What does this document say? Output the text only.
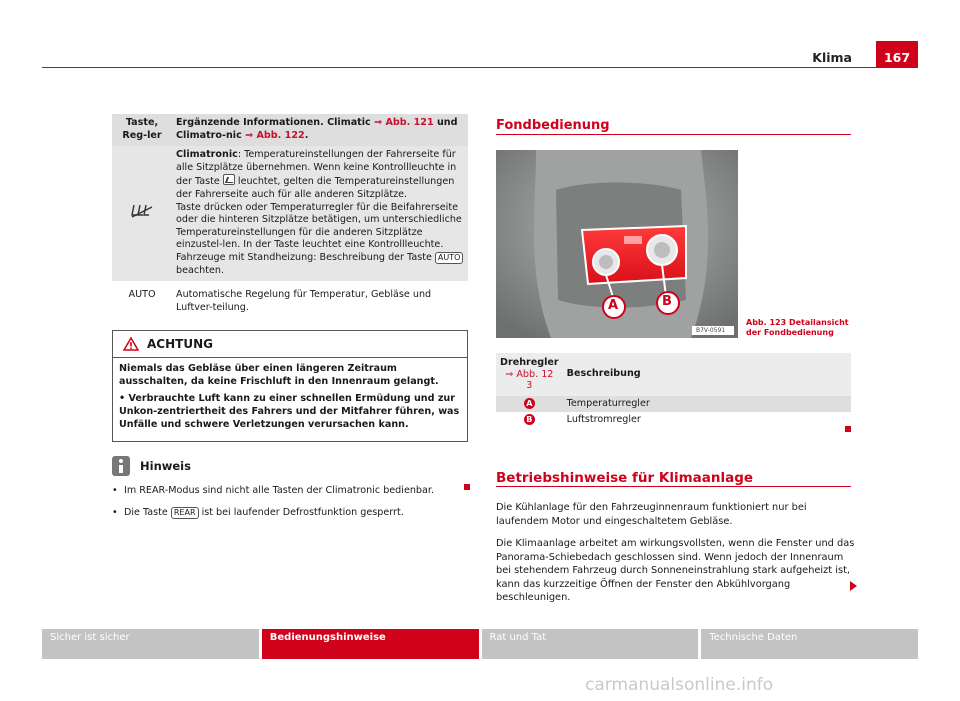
Klima	167
Taste, Reg-ler	Ergänzende Informationen. Climatic ⇒ Abb. 121 und Climatro-nic ⇒ Abb. 122.
	Climatronic: Temperatureinstellungen der Fahrerseite für alle Sitzplätze übernehmen. Wenn keine Kontrollleuchte in der Taste  leuchtet, gelten die Temperatureinstellungen der Fahrerseite auch für alle anderen Sitzplätze.
Taste drücken oder Temperaturregler für die Beifahrerseite oder die hinteren Sitzplätze betätigen, um unterschiedliche Temperatureinstellungen für die anderen Sitzplätze einzustel-len. In der Taste leuchtet eine Kontrollleuchte.
Fahrzeuge mit Standheizung: Beschreibung der Taste AUTO
beachten.
AUTO	Automatische Regelung für Temperatur, Gebläse und Luftver-teilung.
ACHTUNG

Niemals das Gebläse über einen längeren Zeitraum ausschalten, da keine Frischluft in den Innenraum gelangt.

• Verbrauchte Luft kann zu einer schnellen Ermüdung und zur Unkon-zentriertheit des Fahrers und der Mitfahrer führen, was Unfälle und schwere Verletzungen verursachen kann.

Hinweis
• Im REAR-Modus sind nicht alle Tasten der Climatronic bedienbar.
• Die Taste REAR ist bei laufender Defrostfunktion gesperrt.
Fondbedienung
A	B
B7V-0591
Abb. 123 Detailansicht
der Fondbedienung
Drehregler
⇒ Abb. 12
3	Beschreibung
A	Temperaturregler
B	Luftstromregler
Betriebshinweise für Klimaanlage
Die Kühlanlage für den Fahrzeuginnenraum funktioniert nur bei laufendem Motor und eingeschaltetem Gebläse.
Die Klimaanlage arbeitet am wirkungsvollsten, wenn die Fenster und das Panorama-Schiebedach geschlossen sind. Wenn jedoch der Innenraum bei stehendem Fahrzeug durch Sonneneinstrahlung stark aufgeheizt ist, kann das kurzzeitige Öffnen der Fenster den Abkühlvorgang beschleunigen.
Sicher ist sicher	Bedienungshinweise	Rat und Tat	Technische Daten
carmanualsonline.info
